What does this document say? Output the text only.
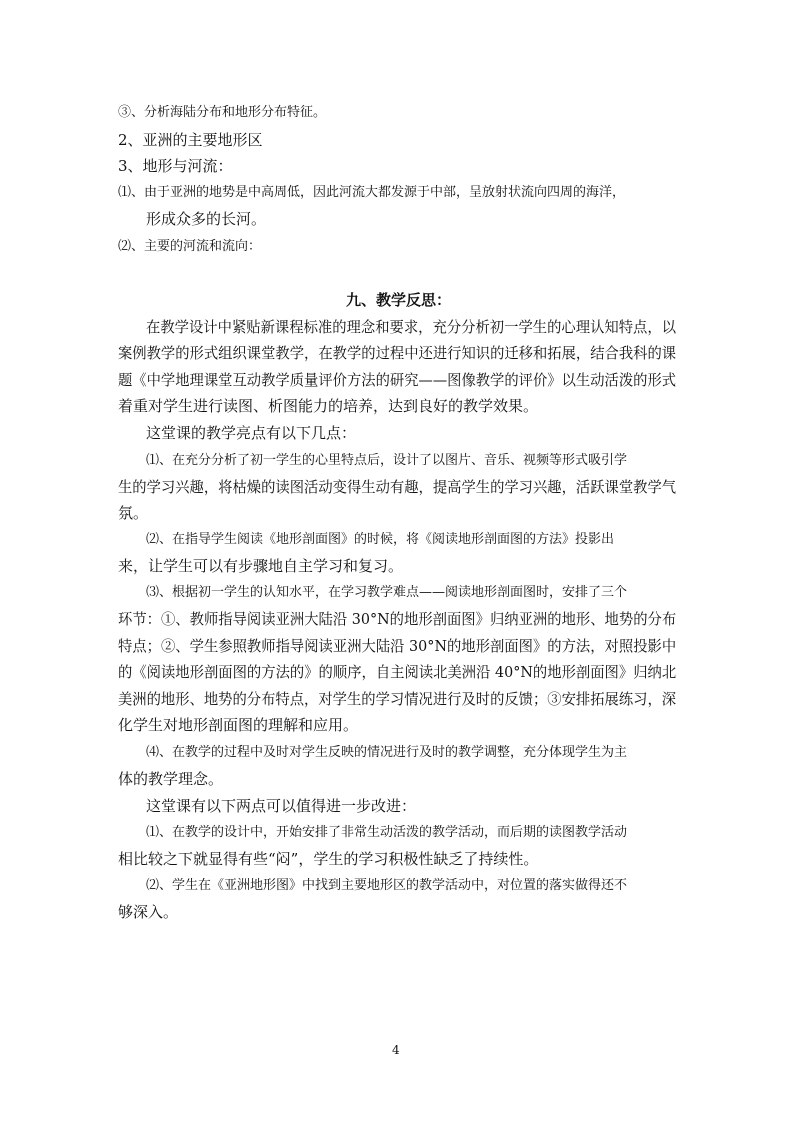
③、分析海陆分布和地形分布特征。
2、亚洲的主要地形区
3、地形与河流：
⑴、由于亚洲的地势是中高周低，因此河流大都发源于中部，呈放射状流向四周的海洋，
形成众多的长河。
⑵、主要的河流和流向：
九、教学反思：
在教学设计中紧贴新课程标准的理念和要求，充分分析初一学生的心理认知特点，以
案例教学的形式组织课堂教学，在教学的过程中还进行知识的迁移和拓展，结合我科的课
题《中学地理课堂互动教学质量评价方法的研究——图像教学的评价》以生动活泼的形式
着重对学生进行读图、析图能力的培养，达到良好的教学效果。
这堂课的教学亮点有以下几点：
⑴、在充分分析了初一学生的心里特点后，设计了以图片、音乐、视频等形式吸引学
生的学习兴趣，将枯燥的读图活动变得生动有趣，提高学生的学习兴趣，活跃课堂教学气
氛。
⑵、在指导学生阅读《地形剖面图》的时候，将《阅读地形剖面图的方法》投影出
来，让学生可以有步骤地自主学习和复习。
⑶、根据初一学生的认知水平，在学习教学难点——阅读地形剖面图时，安排了三个
环节：①、教师指导阅读亚洲大陆沿 30°N的地形剖面图》归纳亚洲的地形、地势的分布
特点；②、学生参照教师指导阅读亚洲大陆沿 30°N的地形剖面图》的方法，对照投影中
的《阅读地形剖面图的方法的》的顺序，自主阅读北美洲沿 40°N的地形剖面图》归纳北
美洲的地形、地势的分布特点，对学生的学习情况进行及时的反馈；③安排拓展练习，深
化学生对地形剖面图的理解和应用。
⑷、在教学的过程中及时对学生反映的情况进行及时的教学调整，充分体现学生为主
体的教学理念。
这堂课有以下两点可以值得进一步改进：
⑴、在教学的设计中，开始安排了非常生动活泼的教学活动，而后期的读图教学活动
相比较之下就显得有些“闷”，学生的学习积极性缺乏了持续性。
⑵、学生在《亚洲地形图》中找到主要地形区的教学活动中，对位置的落实做得还不
够深入。
4
